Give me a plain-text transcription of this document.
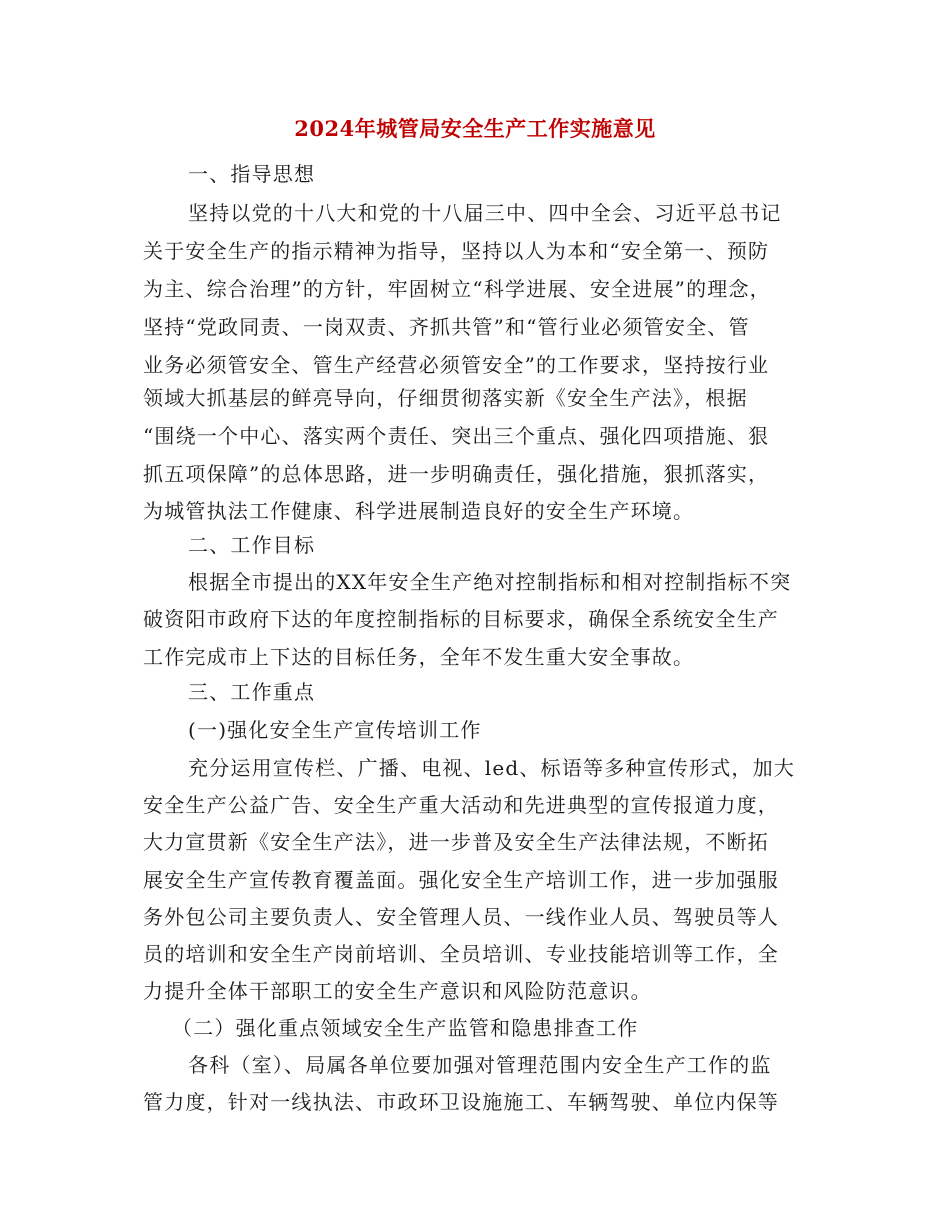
2024年城管局安全生产工作实施意见
一、指导思想
坚持以党的十八大和党的十八届三中、四中全会、习近平总书记
关于安全生产的指示精神为指导，坚持以人为本和“安全第一、预防
为主、综合治理”的方针，牢固树立“科学进展、安全进展”的理念，
坚持“党政同责、一岗双责、齐抓共管”和“管行业必须管安全、管
业务必须管安全、管生产经营必须管安全”的工作要求，坚持按行业
领域大抓基层的鲜亮导向，仔细贯彻落实新《安全生产法》，根据
“围绕一个中心、落实两个责任、突出三个重点、强化四项措施、狠
抓五项保障”的总体思路，进一步明确责任，强化措施，狠抓落实，
为城管执法工作健康、科学进展制造良好的安全生产环境。
二、工作目标
根据全市提出的XX年安全生产绝对控制指标和相对控制指标不突
破资阳市政府下达的年度控制指标的目标要求，确保全系统安全生产
工作完成市上下达的目标任务，全年不发生重大安全事故。
三、工作重点
(一)强化安全生产宣传培训工作
充分运用宣传栏、广播、电视、led、标语等多种宣传形式，加大
安全生产公益广告、安全生产重大活动和先进典型的宣传报道力度，
大力宣贯新《安全生产法》，进一步普及安全生产法律法规，不断拓
展安全生产宣传教育覆盖面。强化安全生产培训工作，进一步加强服
务外包公司主要负责人、安全管理人员、一线作业人员、驾驶员等人
员的培训和安全生产岗前培训、全员培训、专业技能培训等工作，全
力提升全体干部职工的安全生产意识和风险防范意识。
（二）强化重点领域安全生产监管和隐患排查工作
各科（室）、局属各单位要加强对管理范围内安全生产工作的监
管力度，针对一线执法、市政环卫设施施工、车辆驾驶、单位内保等
